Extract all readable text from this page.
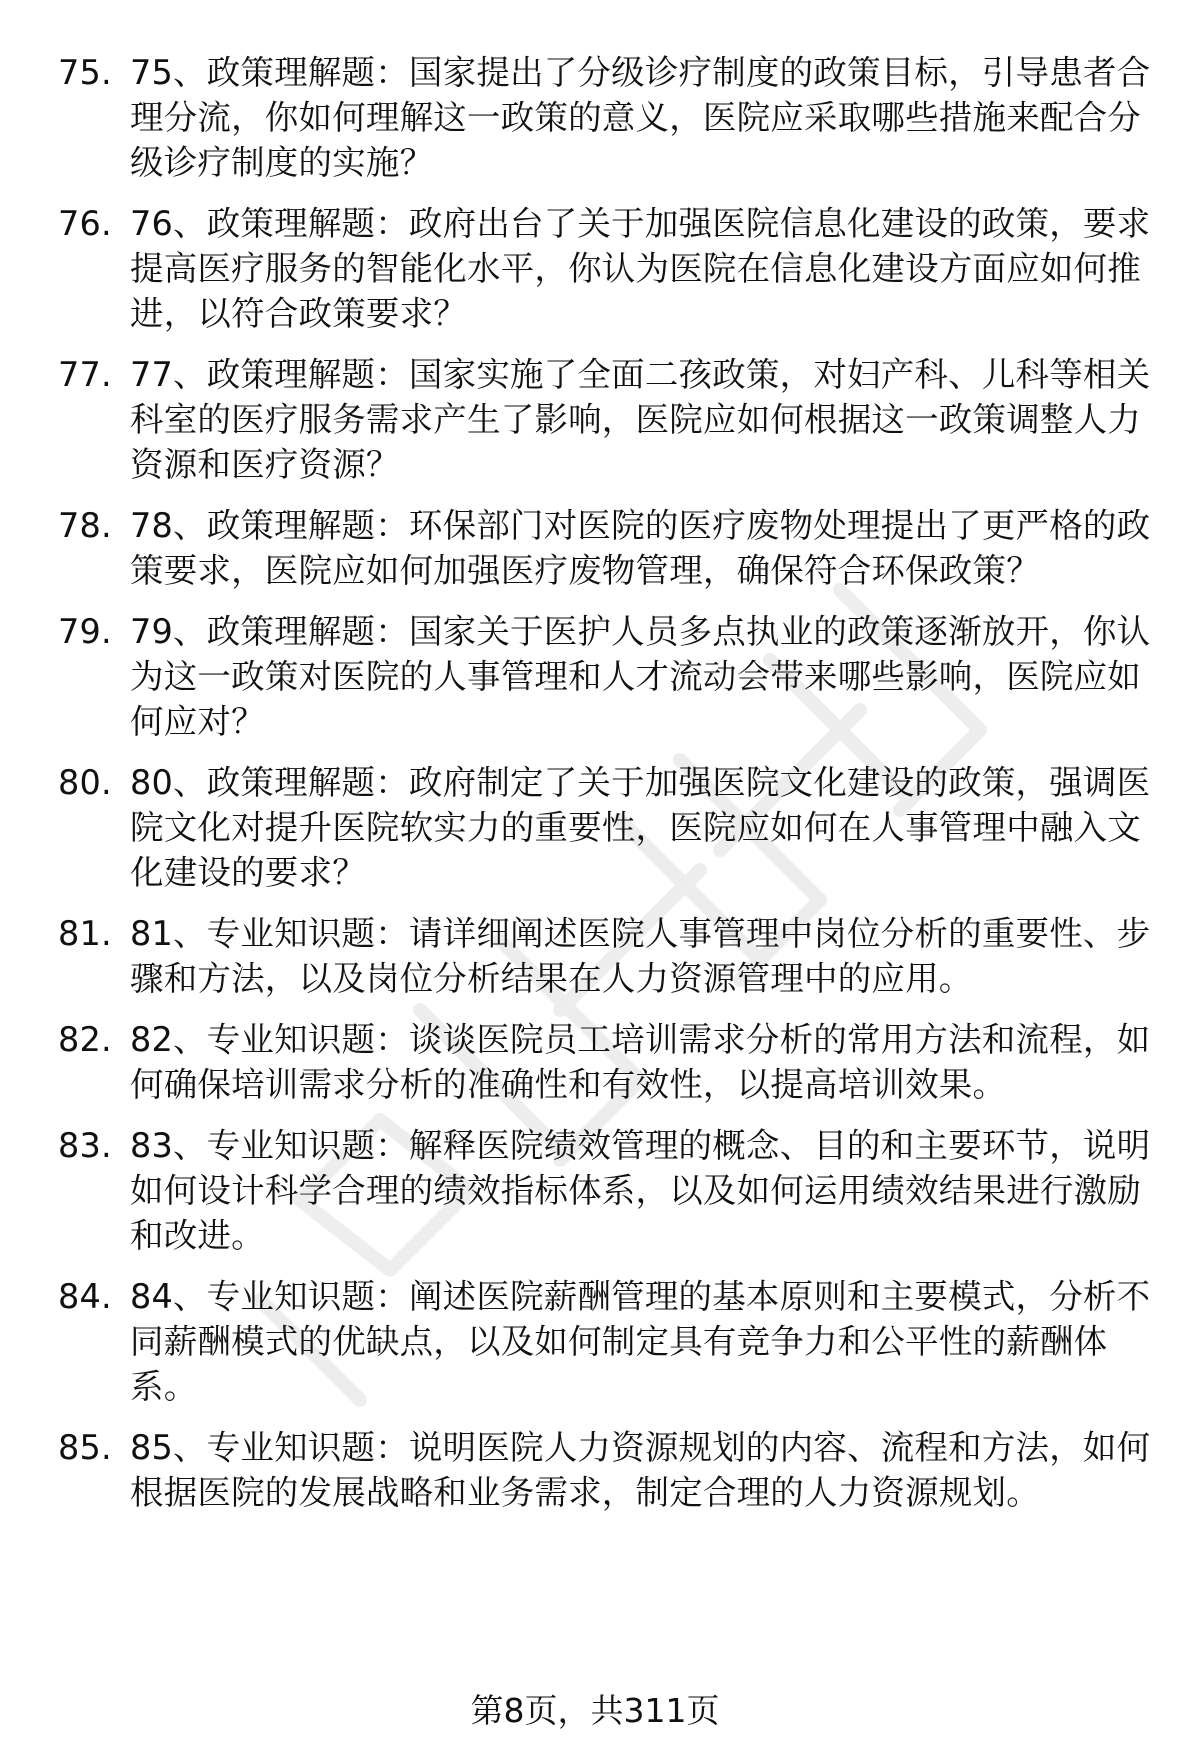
75. 75、政策理解题：国家提出了分级诊疗制度的政策目标，引导患者合理分流，你如何理解这一政策的意义，医院应采取哪些措施来配合分级诊疗制度的实施？
76. 76、政策理解题：政府出台了关于加强医院信息化建设的政策，要求提高医疗服务的智能化水平，你认为医院在信息化建设方面应如何推进，以符合政策要求？
77. 77、政策理解题：国家实施了全面二孩政策，对妇产科、儿科等相关科室的医疗服务需求产生了影响，医院应如何根据这一政策调整人力资源和医疗资源？
78. 78、政策理解题：环保部门对医院的医疗废物处理提出了更严格的政策要求，医院应如何加强医疗废物管理，确保符合环保政策？
79. 79、政策理解题：国家关于医护人员多点执业的政策逐渐放开，你认为这一政策对医院的人事管理和人才流动会带来哪些影响，医院应如何应对？
80. 80、政策理解题：政府制定了关于加强医院文化建设的政策，强调医院文化对提升医院软实力的重要性，医院应如何在人事管理中融入文化建设的要求？
81. 81、专业知识题：请详细阐述医院人事管理中岗位分析的重要性、步骤和方法，以及岗位分析结果在人力资源管理中的应用。
82. 82、专业知识题：谈谈医院员工培训需求分析的常用方法和流程，如何确保培训需求分析的准确性和有效性，以提高培训效果。
83. 83、专业知识题：解释医院绩效管理的概念、目的和主要环节，说明如何设计科学合理的绩效指标体系，以及如何运用绩效结果进行激励和改进。
84. 84、专业知识题：阐述医院薪酬管理的基本原则和主要模式，分析不同薪酬模式的优缺点，以及如何制定具有竞争力和公平性的薪酬体系。
85. 85、专业知识题：说明医院人力资源规划的内容、流程和方法，如何根据医院的发展战略和业务需求，制定合理的人力资源规划。
第8页，共311页
